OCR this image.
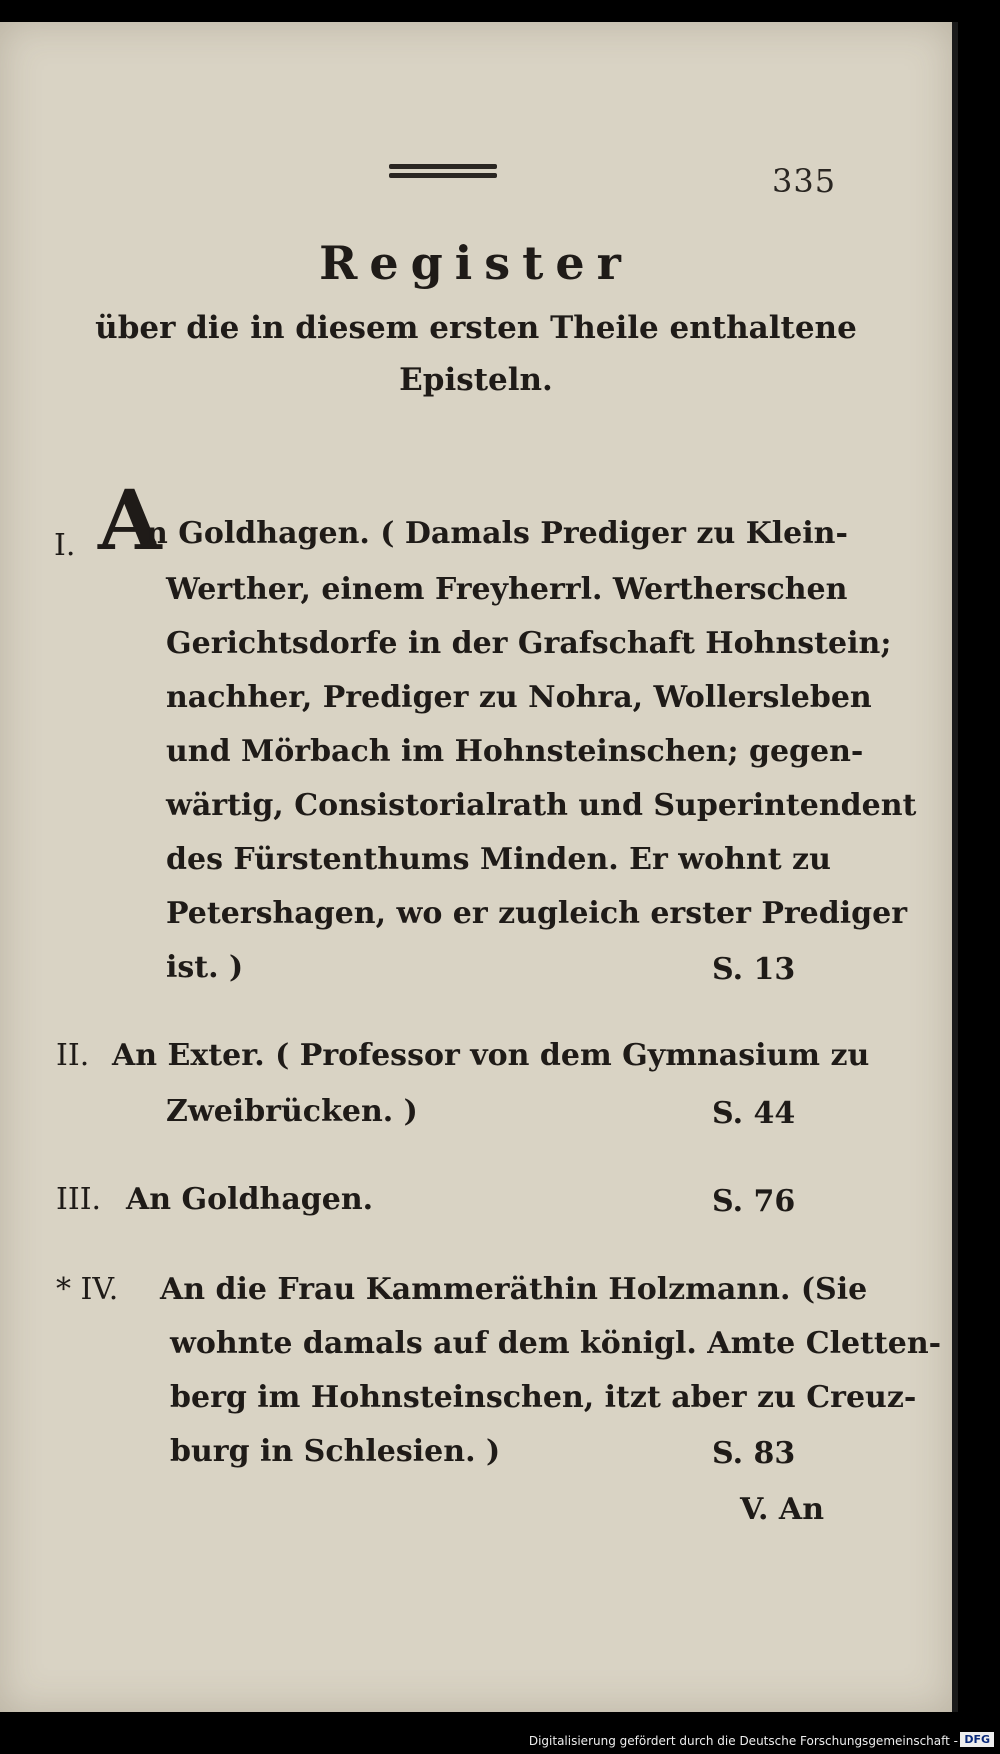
335
Register
über die in diesem ersten Theile enthaltene
Episteln.
I. A
n Goldhagen. ( Damals Prediger zu Klein-
Werther, einem Freyherrl. Wertherschen
Gerichtsdorfe in der Grafschaft Hohnstein;
nachher, Prediger zu Nohra, Wollersleben
und Mörbach im Hohnsteinschen; gegen-
wärtig, Consistorialrath und Superintendent
des Fürstenthums Minden. Er wohnt zu
Petershagen, wo er zugleich erster Prediger
ist. )	S. 13
II. An Exter. ( Professor von dem Gymnasium zu
Zweibrücken. )	S. 44
III. An Goldhagen.	S. 76
* IV. An die Frau Kammeräthin Holzmann. (Sie
wohnte damals auf dem königl. Amte Cletten-
berg im Hohnsteinschen, itzt aber zu Creuz-
burg in Schlesien. )	S. 83
V. An
Digitalisierung gefördert durch die Deutsche Forschungsgemeinschaft - DFG
